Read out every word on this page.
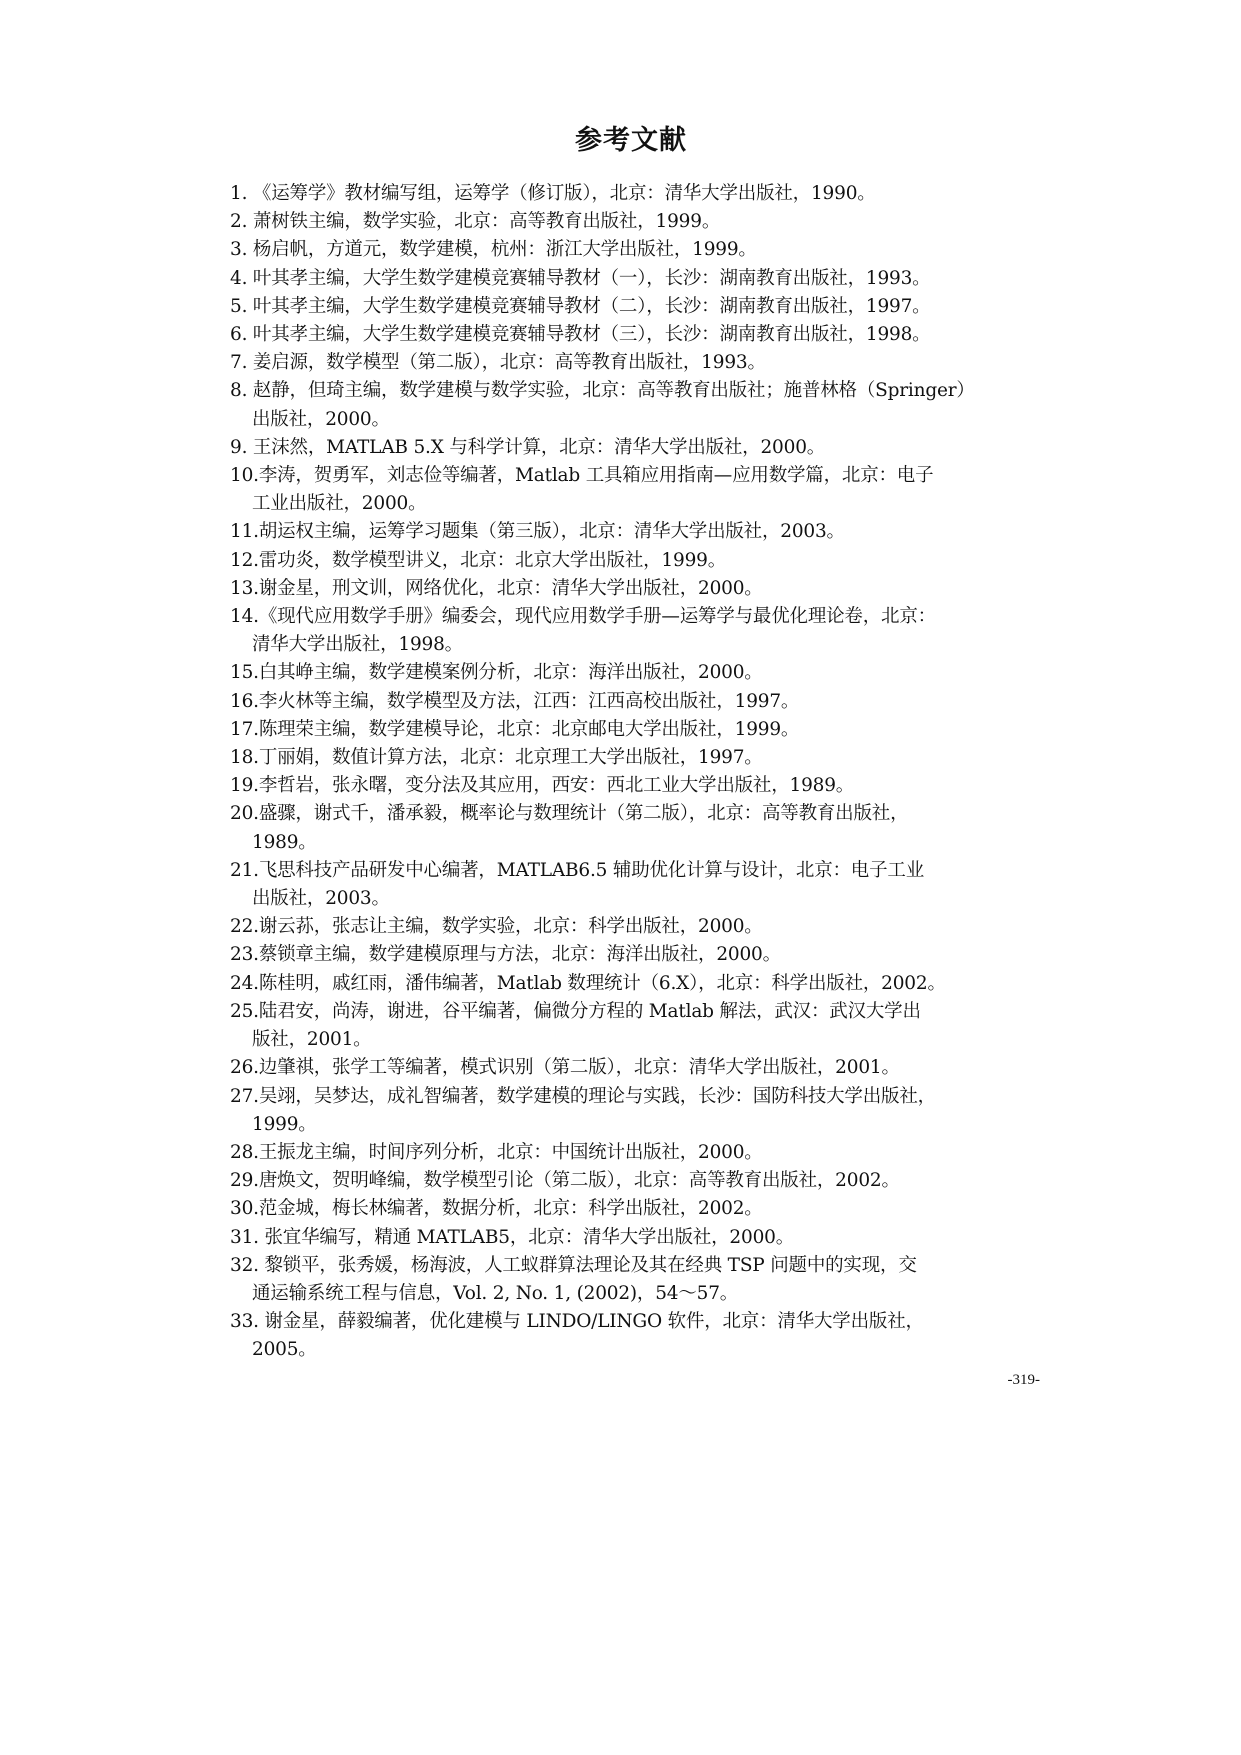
参考文献
1. 《运筹学》教材编写组，运筹学（修订版），北京：清华大学出版社，1990。
2. 萧树铁主编，数学实验，北京：高等教育出版社，1999。
3. 杨启帆，方道元，数学建模，杭州：浙江大学出版社，1999。
4. 叶其孝主编，大学生数学建模竞赛辅导教材（一），长沙：湖南教育出版社，1993。
5. 叶其孝主编，大学生数学建模竞赛辅导教材（二），长沙：湖南教育出版社，1997。
6. 叶其孝主编，大学生数学建模竞赛辅导教材（三），长沙：湖南教育出版社，1998。
7. 姜启源，数学模型（第二版），北京：高等教育出版社，1993。
8. 赵静，但琦主编，数学建模与数学实验，北京：高等教育出版社；施普林格（Springer）
出版社，2000。
9. 王沫然，MATLAB 5.X 与科学计算，北京：清华大学出版社，2000。
10.李涛，贺勇军，刘志俭等编著，Matlab 工具箱应用指南—应用数学篇，北京：电子
工业出版社，2000。
11.胡运权主编，运筹学习题集（第三版），北京：清华大学出版社，2003。
12.雷功炎，数学模型讲义，北京：北京大学出版社，1999。
13.谢金星，刑文训，网络优化，北京：清华大学出版社，2000。
14.《现代应用数学手册》编委会，现代应用数学手册—运筹学与最优化理论卷，北京：
清华大学出版社，1998。
15.白其峥主编，数学建模案例分析，北京：海洋出版社，2000。
16.李火林等主编，数学模型及方法，江西：江西高校出版社，1997。
17.陈理荣主编，数学建模导论，北京：北京邮电大学出版社，1999。
18.丁丽娟，数值计算方法，北京：北京理工大学出版社，1997。
19.李哲岩，张永曙，变分法及其应用，西安：西北工业大学出版社，1989。
20.盛骤，谢式千，潘承毅，概率论与数理统计（第二版），北京：高等教育出版社，
1989。
21.飞思科技产品研发中心编著，MATLAB6.5 辅助优化计算与设计，北京：电子工业
出版社，2003。
22.谢云荪，张志让主编，数学实验，北京：科学出版社，2000。
23.蔡锁章主编，数学建模原理与方法，北京：海洋出版社，2000。
24.陈桂明，戚红雨，潘伟编著，Matlab 数理统计（6.X），北京：科学出版社，2002。
25.陆君安，尚涛，谢进，谷平编著，偏微分方程的 Matlab 解法，武汉：武汉大学出
版社，2001。
26.边肇祺，张学工等编著，模式识别（第二版），北京：清华大学出版社，2001。
27.吴翊，吴梦达，成礼智编著，数学建模的理论与实践，长沙：国防科技大学出版社，
1999。
28.王振龙主编，时间序列分析，北京：中国统计出版社，2000。
29.唐焕文，贺明峰编，数学模型引论（第二版），北京：高等教育出版社，2002。
30.范金城，梅长林编著，数据分析，北京：科学出版社，2002。
31. 张宜华编写，精通 MATLAB5，北京：清华大学出版社，2000。
32. 黎锁平，张秀媛，杨海波，人工蚁群算法理论及其在经典 TSP 问题中的实现，交
通运输系统工程与信息，Vol. 2, No. 1, (2002)，54～57。
33. 谢金星，薛毅编著，优化建模与 LINDO/LINGO 软件，北京：清华大学出版社，
2005。
-319-
